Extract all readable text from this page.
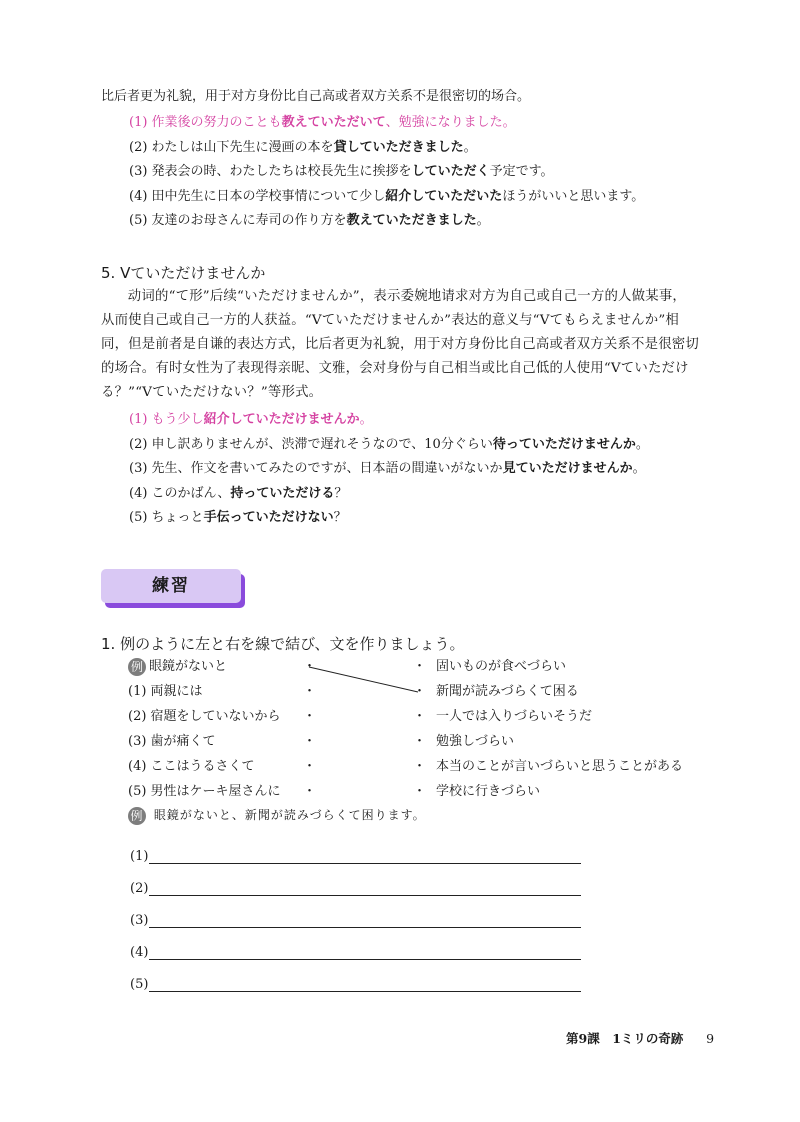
比后者更为礼貌，用于对方身份比自己高或者双方关系不是很密切的场合。
(1) 作業後の努力のことも教えていただいて、勉強になりました。
(2) わたしは山下先生に漫画の本を貸していただきました。
(3) 発表会の時、わたしたちは校長先生に挨拶をしていただく予定です。
(4) 田中先生に日本の学校事情について少し紹介していただいたほうがいいと思います。
(5) 友達のお母さんに寿司の作り方を教えていただきました。
5. Vていただけませんか
动词的“て形”后续“いただけませんか”，表示委婉地请求对方为自己或自己一方的人做某事，
从而使自己或自己一方的人获益。“Vていただけませんか”表达的意义与“Vてもらえませんか”相
同，但是前者是自谦的表达方式，比后者更为礼貌，用于对方身份比自己高或者双方关系不是很密切
的场合。有时女性为了表现得亲昵、文雅，会对身份与自己相当或比自己低的人使用“Vていただけ
る？”“Vていただけない？”等形式。
(1) もう少し紹介していただけませんか。
(2) 申し訳ありませんが、渋滞で遅れそうなので、10分ぐらい待っていただけませんか。
(3) 先生、作文を書いてみたのですが、日本語の間違いがないか見ていただけませんか。
(4) このかばん、持っていただける？
(5) ちょっと手伝っていただけない？
練習
1. 例のように左と右を線で結び、文を作りましょう。
例 眼鏡がないと	・	・ 固いものが食べづらい
(1) 両親には	・	・ 新聞が読みづらくて困る
(2) 宿題をしていないから ・	・ 一人では入りづらいそうだ
(3) 歯が痛くて	・	・ 勉強しづらい
(4) ここはうるさくて	・	・ 本当のことが言いづらいと思うことがある
(5) 男性はケーキ屋さんに ・	・ 学校に行きづらい
例 眼鏡がないと、新聞が読みづらくて困ります。
(1)
(2)
(3)
(4)
(5)
第9課　1ミリの奇跡 9
